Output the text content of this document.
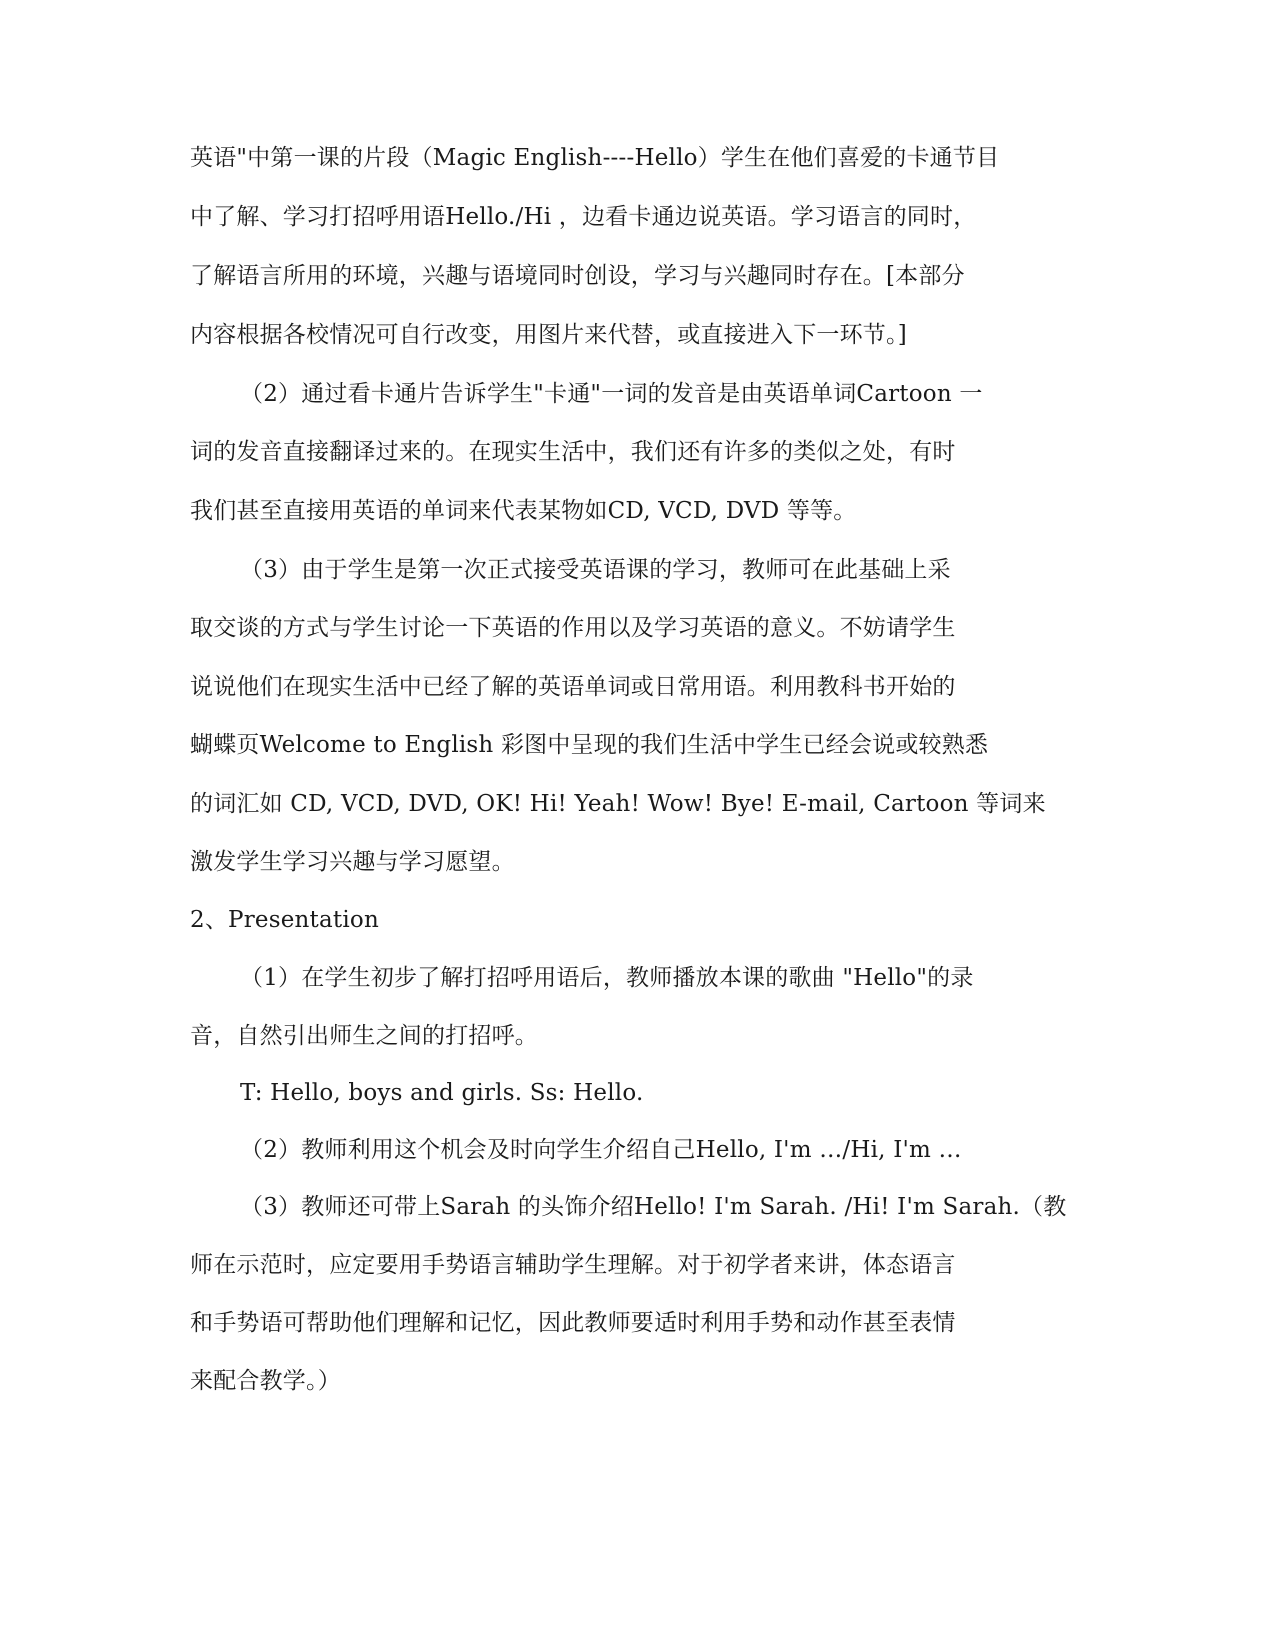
英语"中第一课的片段（Magic English----Hello）学生在他们喜爱的卡通节目
中了解、学习打招呼用语Hello./Hi ，边看卡通边说英语。学习语言的同时，
了解语言所用的环境，兴趣与语境同时创设，学习与兴趣同时存在。[本部分
内容根据各校情况可自行改变，用图片来代替，或直接进入下一环节。]
（2）通过看卡通片告诉学生"卡通"一词的发音是由英语单词Cartoon 一
词的发音直接翻译过来的。在现实生活中，我们还有许多的类似之处，有时
我们甚至直接用英语的单词来代表某物如CD, VCD, DVD 等等。
（3）由于学生是第一次正式接受英语课的学习，教师可在此基础上采
取交谈的方式与学生讨论一下英语的作用以及学习英语的意义。不妨请学生
说说他们在现实生活中已经了解的英语单词或日常用语。利用教科书开始的
蝴蝶页Welcome to English 彩图中呈现的我们生活中学生已经会说或较熟悉
的词汇如 CD, VCD, DVD, OK! Hi! Yeah! Wow! Bye! E-mail, Cartoon 等词来
激发学生学习兴趣与学习愿望。
2、Presentation
（1）在学生初步了解打招呼用语后，教师播放本课的歌曲 "Hello"的录
音，自然引出师生之间的打招呼。
T: Hello, boys and girls. Ss: Hello.
（2）教师利用这个机会及时向学生介绍自己Hello, I'm …/Hi, I'm …
（3）教师还可带上Sarah 的头饰介绍Hello! I'm Sarah. /Hi! I'm Sarah.（教
师在示范时，应定要用手势语言辅助学生理解。对于初学者来讲，体态语言
和手势语可帮助他们理解和记忆，因此教师要适时利用手势和动作甚至表情
来配合教学。）
